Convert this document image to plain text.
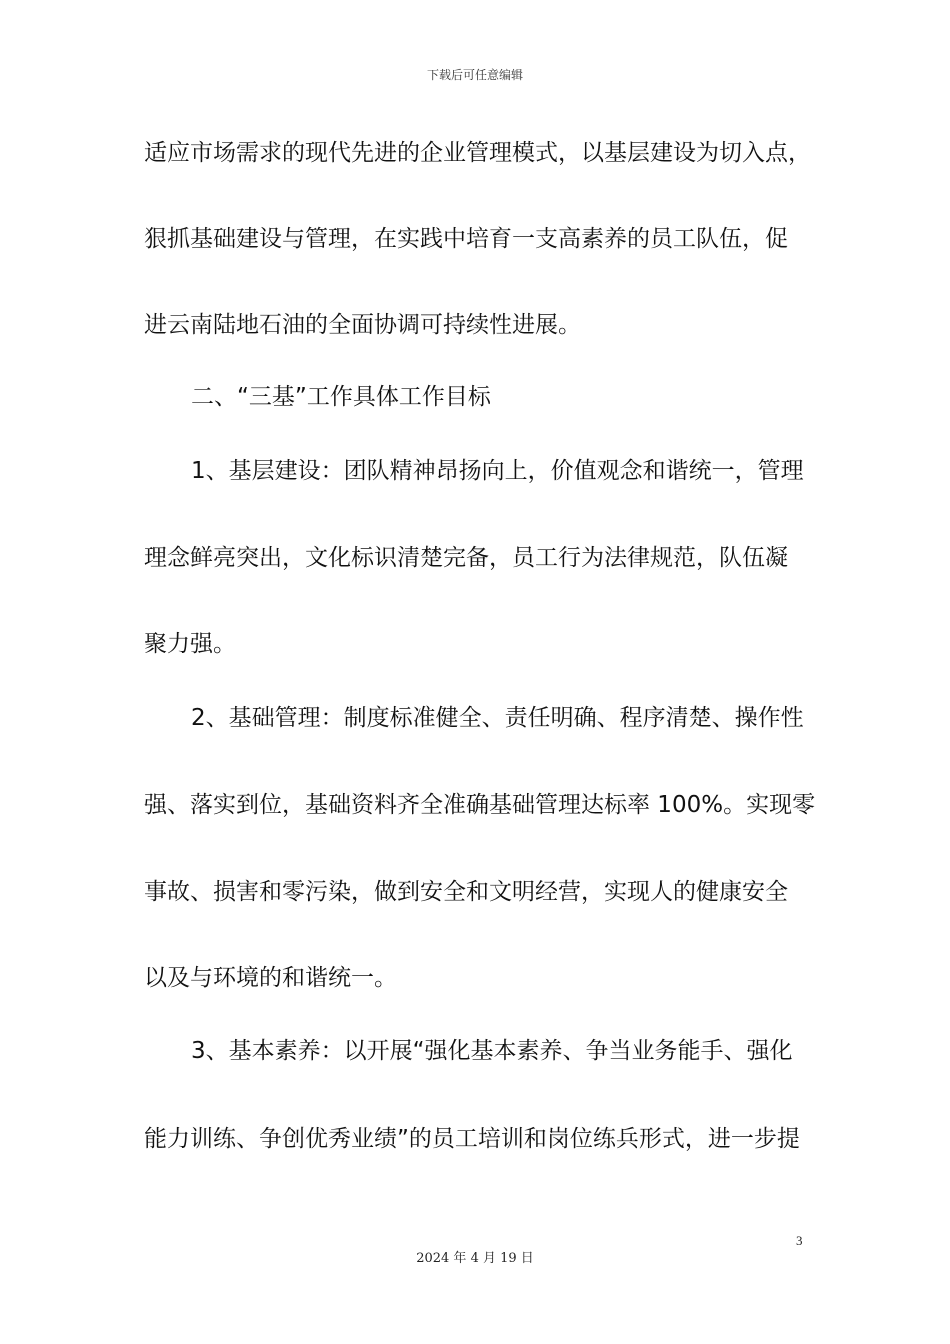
下载后可任意编辑
适应市场需求的现代先进的企业管理模式，以基层建设为切入点，
狠抓基础建设与管理，在实践中培育一支高素养的员工队伍，促
进云南陆地石油的全面协调可持续性进展。
二、“三基”工作具体工作目标
1、基层建设：团队精神昂扬向上，价值观念和谐统一，管理
理念鲜亮突出，文化标识清楚完备，员工行为法律规范，队伍凝
聚力强。
2、基础管理：制度标准健全、责任明确、程序清楚、操作性
强、落实到位，基础资料齐全准确基础管理达标率 100%。实现零
事故、损害和零污染，做到安全和文明经营，实现人的健康安全
以及与环境的和谐统一。
3、基本素养：以开展“强化基本素养、争当业务能手、强化
能力训练、争创优秀业绩”的员工培训和岗位练兵形式，进一步提
3
2024 年 4 月 19 日
